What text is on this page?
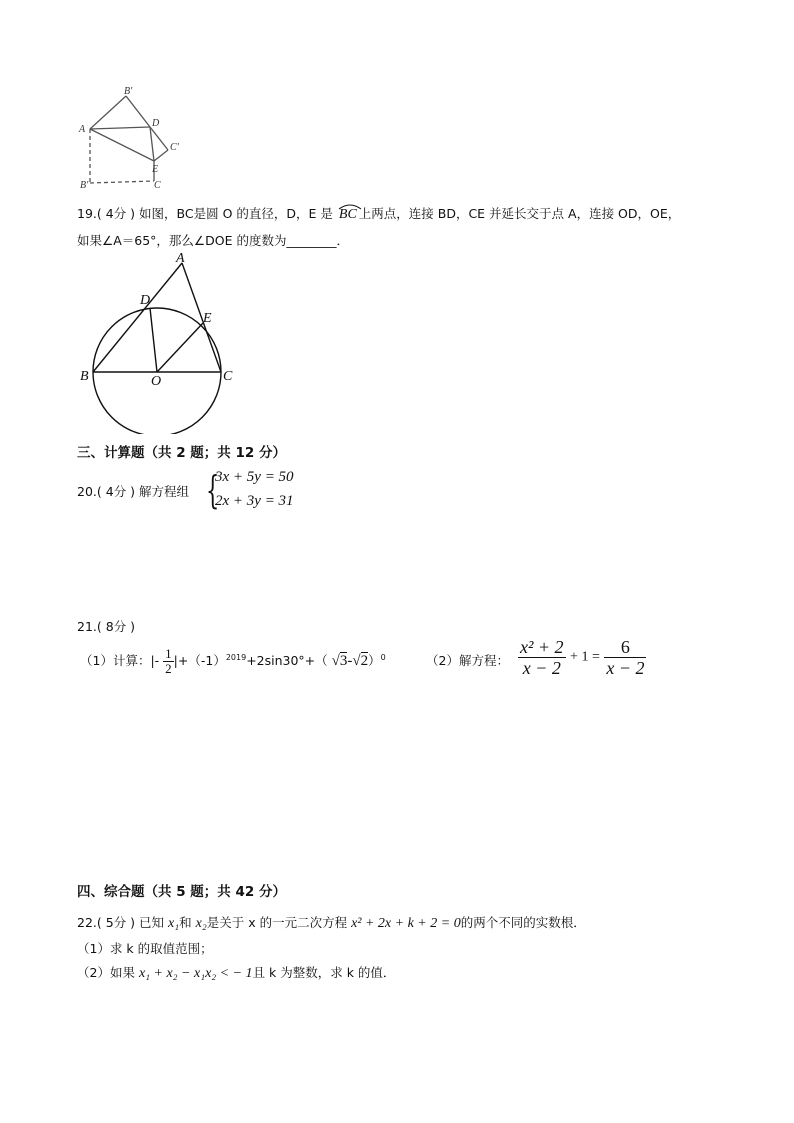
A
B'
D
C'
E
B'	C
19.( 4分 ) 如图，BC是圆 O 的直径，D，E 是 BC 上两点，连接 BD，CE 并延长交于点 A，连接 OD，OE，
如果∠A＝65°，那么∠DOE 的度数为________．
A
D
E
B	O	C
三、计算题（共 2 题；共 12 分）
20.( 4分 ) 解方程组 {
3x + 5y = 50
2x + 3y = 31
21.( 8分 )
（1）计算：|- $\frac{1}{2} |+(-1)^{2019}+2\sin 30^\circ+$（ √3-√2）$^0$	（2）解方程： $\frac{\text{x² + 2}}{x - 2} + 1 = \frac{6}{x - 2}$
四、综合题（共 5 题；共 42 分）
22.( 5分 ) 已知 x₁和 x₂是关于 x 的一元二次方程 x² + 2x + k + 2 = 0的两个不同的实数根．
（1）求 k 的取值范围；
（2）如果 x₁ + x₂ − x₁x₂ < − 1且 k 为整数，求 k 的值．
